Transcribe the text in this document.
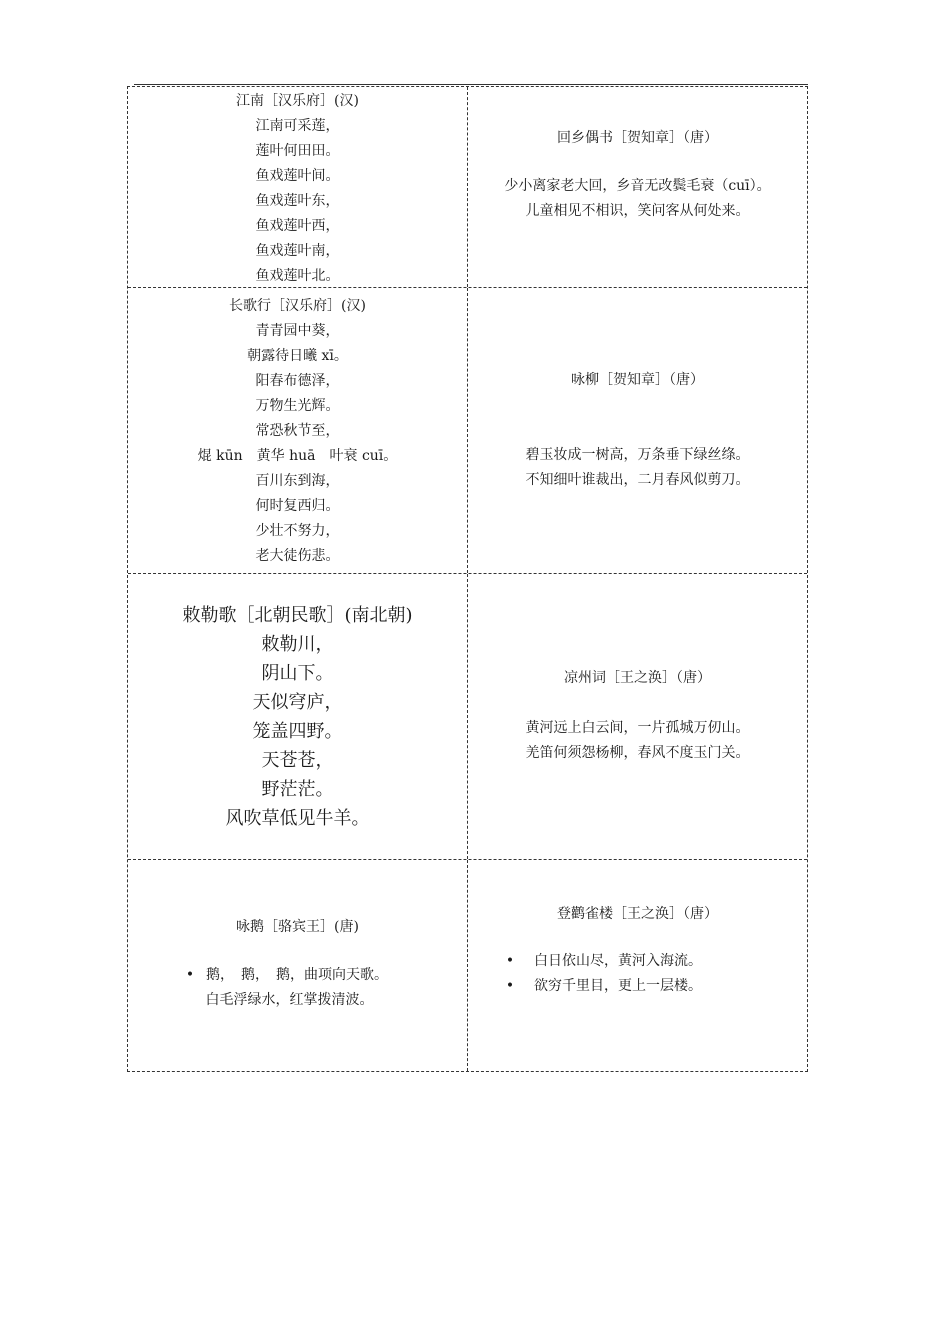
江南［汉乐府］(汉)
江南可采莲，
莲叶何田田。
鱼戏莲叶间。
鱼戏莲叶东，
鱼戏莲叶西，
鱼戏莲叶南，
鱼戏莲叶北。
回乡偶书［贺知章］（唐）
少小离家老大回，乡音无改鬓毛衰（cuī）。
儿童相见不相识，笑问客从何处来。
长歌行［汉乐府］(汉)
青青园中葵，
朝露待日曦 xī。
阳春布德泽，
万物生光辉。
常恐秋节至，
焜 kūn　黄华 huā　叶衰 cuī。
百川东到海，
何时复西归。
少壮不努力，
老大徒伤悲。
咏柳［贺知章］（唐）
碧玉妆成一树高，万条垂下绿丝绦。
不知细叶谁裁出，二月春风似剪刀。
敕勒歌［北朝民歌］(南北朝)
敕勒川，
阴山下。
天似穹庐，
笼盖四野。
天苍苍，
野茫茫。
风吹草低见牛羊。
凉州词［王之涣］（唐）
黄河远上白云间，一片孤城万仞山。
羌笛何须怨杨柳，春风不度玉门关。
咏鹅［骆宾王］(唐)
• 鹅，　鹅，　鹅，曲项向天歌。
白毛浮绿水，红掌拨清波。
登鹳雀楼［王之涣］（唐）
•	白日依山尽，黄河入海流。
•	欲穷千里目，更上一层楼。
